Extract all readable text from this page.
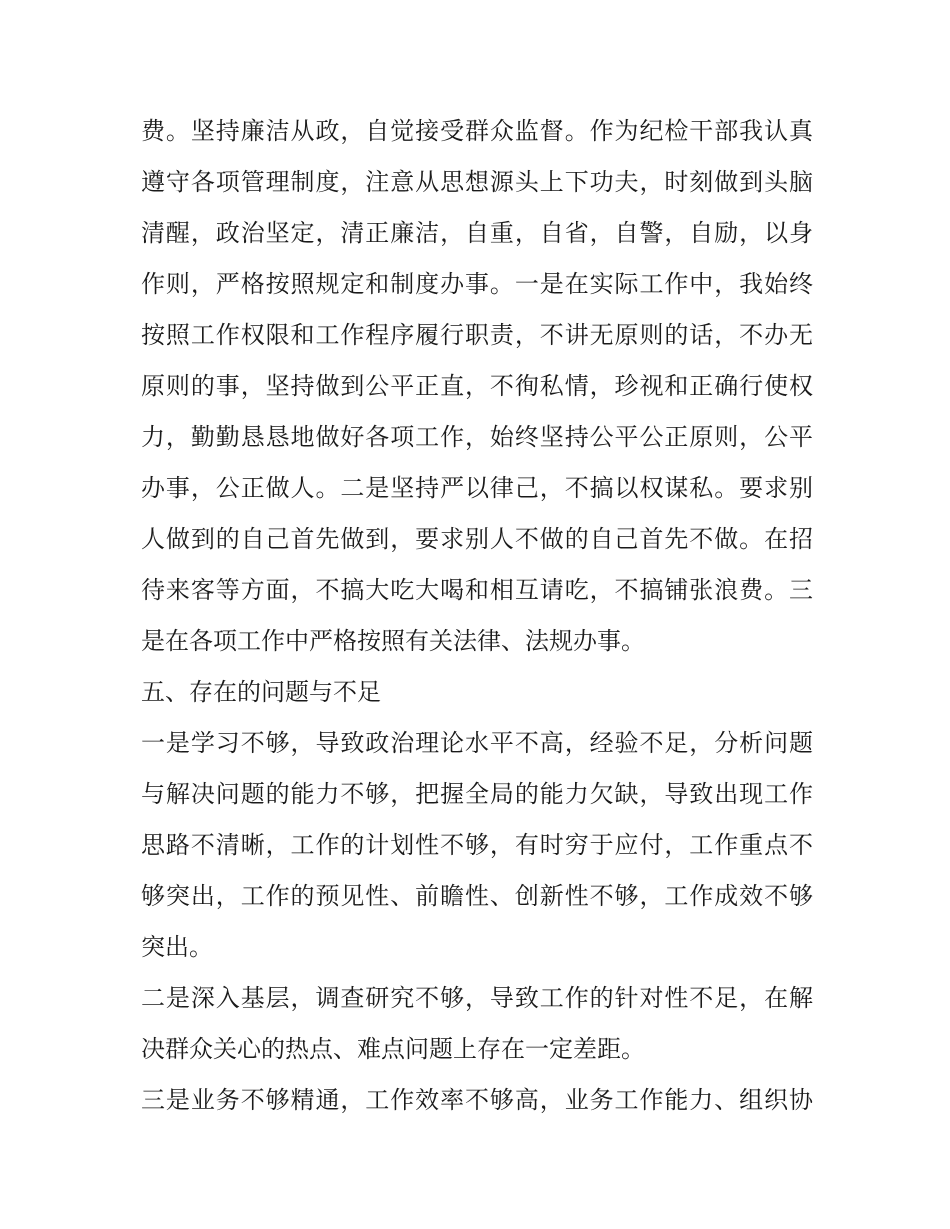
费。坚持廉洁从政，自觉接受群众监督。作为纪检干部我认真
遵守各项管理制度，注意从思想源头上下功夫，时刻做到头脑
清醒，政治坚定，清正廉洁，自重，自省，自警，自励，以身
作则，严格按照规定和制度办事。一是在实际工作中，我始终
按照工作权限和工作程序履行职责，不讲无原则的话，不办无
原则的事，坚持做到公平正直，不徇私情，珍视和正确行使权
力，勤勤恳恳地做好各项工作，始终坚持公平公正原则，公平
办事，公正做人。二是坚持严以律己，不搞以权谋私。要求别
人做到的自己首先做到，要求别人不做的自己首先不做。在招
待来客等方面，不搞大吃大喝和相互请吃，不搞铺张浪费。三
是在各项工作中严格按照有关法律、法规办事。
五、存在的问题与不足
一是学习不够，导致政治理论水平不高，经验不足，分析问题
与解决问题的能力不够，把握全局的能力欠缺，导致出现工作
思路不清晰，工作的计划性不够，有时穷于应付，工作重点不
够突出，工作的预见性、前瞻性、创新性不够，工作成效不够
突出。
二是深入基层，调查研究不够，导致工作的针对性不足，在解
决群众关心的热点、难点问题上存在一定差距。
三是业务不够精通，工作效率不够高，业务工作能力、组织协
